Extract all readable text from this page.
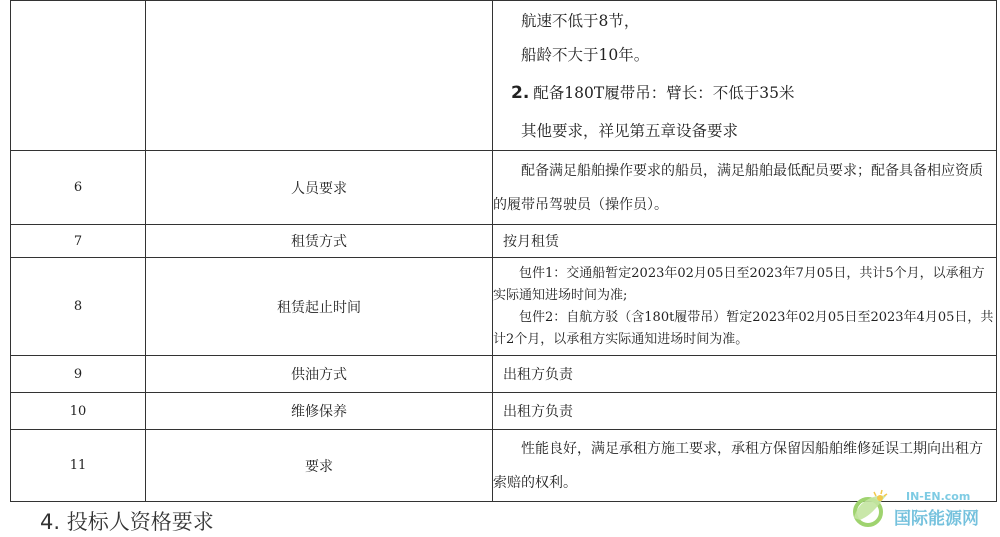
		航速不低于8节，
船龄不大于10年。
2. 配备180T履带吊：臂长：不低于35米
其他要求，祥见第五章设备要求

6	人员要求	配备满足船舶操作要求的船员，满足船舶最低配员要求；配备具备相应资质的履带吊驾驶员（操作员）。

7	租赁方式	按月租赁
8	租赁起止时间	包件1：交通船暂定2023年02月05日至2023年7月05日，共计5个月，以承租方实际通知进场时间为准;
包件2：自航方驳（含180t履带吊）暂定2023年02月05日至2023年4月05日，共计2个月，以承租方实际通知进场时间为准。

9	供油方式	出租方负责
10	维修保养	出租方负责
11	要求	性能良好，满足承租方施工要求，承租方保留因船舶维修延误工期向出租方索赔的权利。
4. 投标人资格要求
IN-EN.com
国际能源网
